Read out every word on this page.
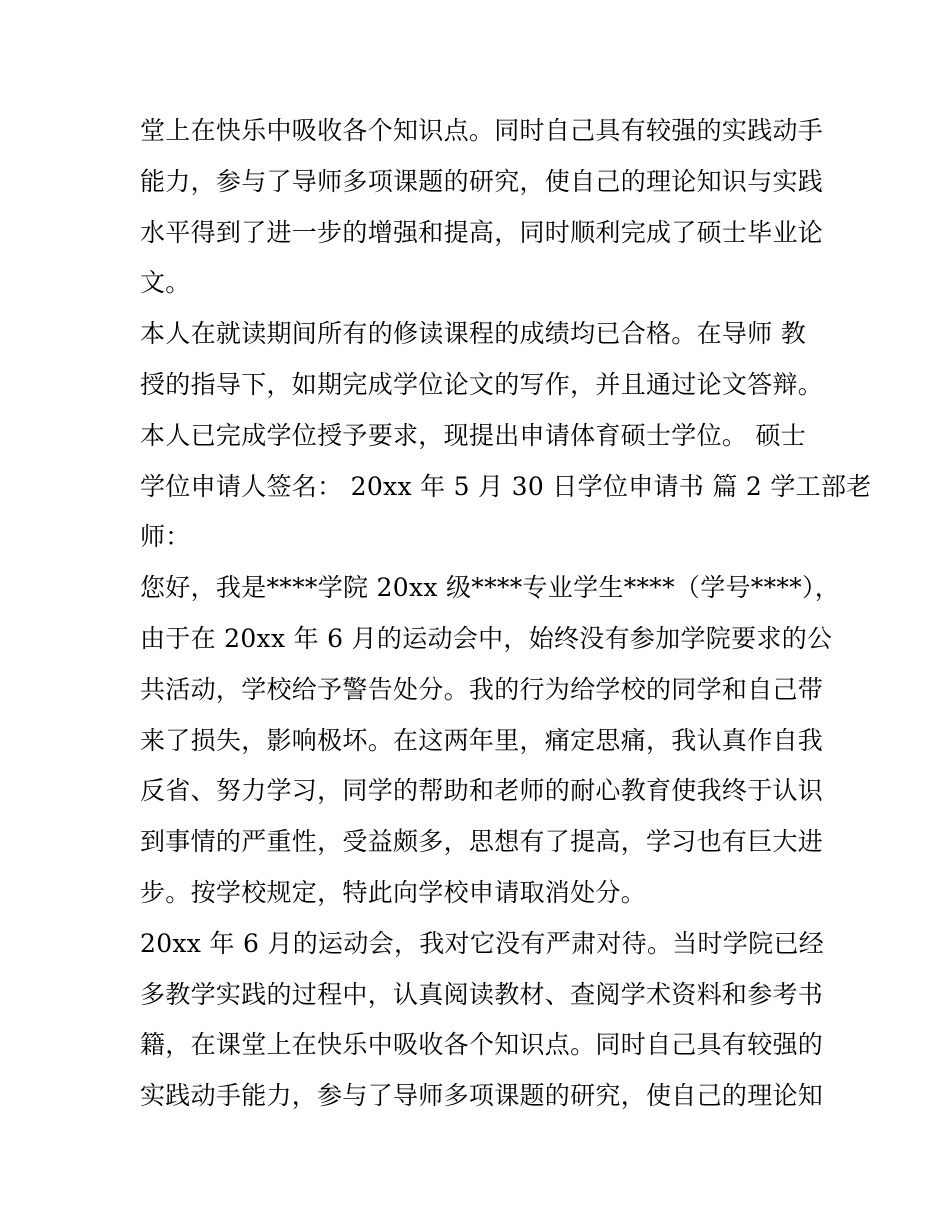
堂上在快乐中吸收各个知识点。同时自己具有较强的实践动手
能力，参与了导师多项课题的研究，使自己的理论知识与实践
水平得到了进一步的增强和提高，同时顺利完成了硕士毕业论
文。
本人在就读期间所有的修读课程的成绩均已合格。在导师 教
授的指导下，如期完成学位论文的写作，并且通过论文答辩。
本人已完成学位授予要求，现提出申请体育硕士学位。 硕士
学位申请人签名： 20xx 年 5 月 30 日学位申请书 篇 2 学工部老
师：
您好，我是****学院 20xx 级****专业学生****（学号****），
由于在 20xx 年 6 月的运动会中，始终没有参加学院要求的公
共活动，学校给予警告处分。我的行为给学校的同学和自己带
来了损失，影响极坏。在这两年里，痛定思痛，我认真作自我
反省、努力学习，同学的帮助和老师的耐心教育使我终于认识
到事情的严重性，受益颇多，思想有了提高，学习也有巨大进
步。按学校规定，特此向学校申请取消处分。
20xx 年 6 月的运动会，我对它没有严肃对待。当时学院已经
多教学实践的过程中，认真阅读教材、查阅学术资料和参考书
籍，在课堂上在快乐中吸收各个知识点。同时自己具有较强的
实践动手能力，参与了导师多项课题的研究，使自己的理论知
